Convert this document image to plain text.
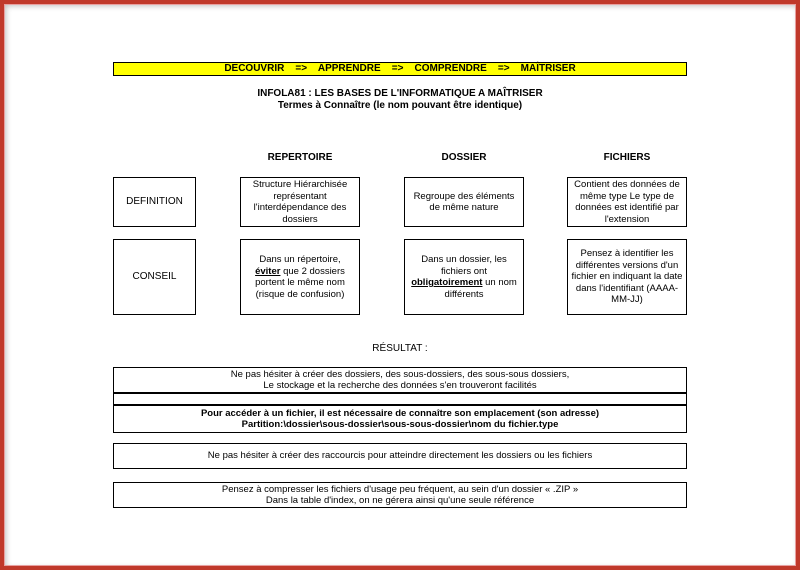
DECOUVRIR    =>    APPRENDRE    =>    COMPRENDRE    =>    MAÎTRISER
INFOLA81 : LES BASES DE L'INFORMATIQUE A MAÎTRISER
Termes à Connaître (le nom pouvant être identique)
REPERTOIRE	DOSSIER	FICHIERS
DEFINITION
Structure Hiérarchisée représentant l'interdépendance des dossiers
Regroupe des éléments de même nature
Contient des données de même type Le type de données est identifié par l'extension
CONSEIL
Dans un répertoire,
éviter que 2 dossiers portent le même nom (risque de confusion)
Dans un dossier, les fichiers ont
obligatoirement un nom différents
Pensez à identifier les différentes versions d'un fichier en indiquant la date dans l'identifiant (AAAA-MM-JJ)
RÉSULTAT :
Ne pas hésiter à créer des dossiers, des sous-dossiers, des sous-sous dossiers,
Le stockage et la recherche des données s'en trouveront facilités
Pour accéder à un fichier, il est nécessaire de connaître son emplacement (son adresse)
Partition:\dossier\sous-dossier\sous-sous-dossier\nom du fichier.type
Ne pas hésiter à créer des raccourcis pour atteindre directement les dossiers ou les fichiers
Pensez à compresser les fichiers d'usage peu fréquent, au sein d'un dossier « .ZIP »
Dans la table d'index, on ne gérera ainsi qu'une seule référence
